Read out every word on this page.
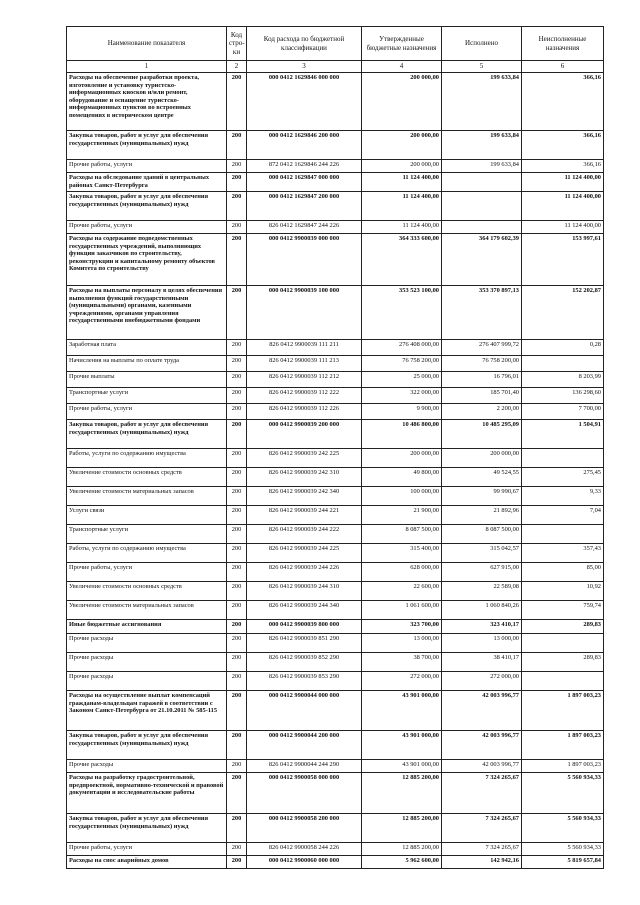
Наименование показателя	Код стро-ки	Код расхода по бюджетной классификации	Утвержденные бюджетные назначения	Исполнено	Неисполненные назначения
1	2	3	4	5	6
Расходы на обеспечение разработки проекта, изготовление и установку туристско-информационных киосков и/или ремонт, оборудование и оснащение туристско-информационных пунктов во встроенных помещениях в историческом центре	200	000 0412 1629846 000 000	200 000,00	199 633,84	366,16
Закупка товаров, работ и услуг для обеспечения государственных (муниципальных) нужд	200	000 0412 1629846 200 000	200 000,00	199 633,84	366,16
Прочие работы, услуги	200	872 0412 1629846 244 226	200 000,00	199 633,84	366,16
Расходы на обследование зданий в центральных районах Санкт-Петербурга	200	000 0412 1629847 000 000	11 124 400,00		11 124 400,00
Закупка товаров, работ и услуг для обеспечения государственных (муниципальных) нужд	200	000 0412 1629847 200 000	11 124 400,00		11 124 400,00
Прочие работы, услуги	200	826 0412 1629847 244 226	11 124 400,00		11 124 400,00
Расходы на содержание подведомственных государственных учреждений, выполняющих функции заказчиков по строительству, реконструкции и капитальному ремонту объектов Комитета по строительству	200	000 0412 9900039 000 000	364 333 600,00	364 179 602,39	153 997,61
Расходы на выплаты персоналу в целях обеспечения выполнения функций государственными (муниципальными) органами, казенными учреждениями, органами управления государственными внебюджетными фондами	200	000 0412 9900039 100 000	353 523 100,00	353 370 897,13	152 202,87
Заработная плата	200	826 0412 9900039 111 211	276 408 000,00	276 407 999,72	0,28
Начисления на выплаты по оплате труда	200	826 0412 9900039 111 213	76 758 200,00	76 758 200,00	
Прочие выплаты	200	826 0412 9900039 112 212	25 000,00	16 796,01	8 203,99
Транспортные услуги	200	826 0412 9900039 112 222	322 000,00	185 701,40	136 298,60
Прочие работы, услуги	200	826 0412 9900039 112 226	9 900,00	2 200,00	7 700,00
Закупка товаров, работ и услуг для обеспечения государственных (муниципальных) нужд	200	000 0412 9900039 200 000	10 486 800,00	10 485 295,09	1 504,91
Работы, услуги по содержанию имущества	200	826 0412 9900039 242 225	200 000,00	200 000,00	
Увеличение стоимости основных средств	200	826 0412 9900039 242 310	49 800,00	49 524,55	275,45
Увеличение стоимости материальных запасов	200	826 0412 9900039 242 340	100 000,00	99 990,67	9,33
Услуги связи	200	826 0412 9900039 244 221	21 900,00	21 892,96	7,04
Транспортные услуги	200	826 0412 9900039 244 222	8 087 500,00	8 087 500,00	
Работы, услуги по содержанию имущества	200	826 0412 9900039 244 225	315 400,00	315 042,57	357,43
Прочие работы, услуги	200	826 0412 9900039 244 226	628 000,00	627 915,00	85,00
Увеличение стоимости основных средств	200	826 0412 9900039 244 310	22 600,00	22 589,08	10,92
Увеличение стоимости материальных запасов	200	826 0412 9900039 244 340	1 061 600,00	1 060 840,26	759,74
Иные бюджетные ассигнования	200	000 0412 9900039 800 000	323 700,00	323 410,17	289,83
Прочие расходы	200	826 0412 9900039 851 290	13 000,00	13 000,00	
Прочие расходы	200	826 0412 9900039 852 290	38 700,00	38 410,17	289,83
Прочие расходы	200	826 0412 9900039 853 290	272 000,00	272 000,00	
Расходы на осуществление выплат компенсаций гражданам-владельцам гаражей в соответствии с Законом Санкт-Петербурга от 21.10.2011 № 585-115	200	000 0412 9900044 000 000	43 901 000,00	42 003 996,77	1 897 003,23
Закупка товаров, работ и услуг для обеспечения государственных (муниципальных) нужд	200	000 0412 9900044 200 000	43 901 000,00	42 003 996,77	1 897 003,23
Прочие расходы	200	826 0412 9900044 244 290	43 901 000,00	42 003 996,77	1 897 003,23
Расходы на разработку градостроительной, предпроектной, нормативно-технической и правовой документации и исследовательские работы	200	000 0412 9900058 000 000	12 885 200,00	7 324 265,67	5 560 934,33
Закупка товаров, работ и услуг для обеспечения государственных (муниципальных) нужд	200	000 0412 9900058 200 000	12 885 200,00	7 324 265,67	5 560 934,33
Прочие работы, услуги	200	826 0412 9900058 244 226	12 885 200,00	7 324 265,67	5 560 934,33
Расходы на снос аварийных домов	200	000 0412 9900060 000 000	5 962 600,00	142 942,16	5 819 657,84
